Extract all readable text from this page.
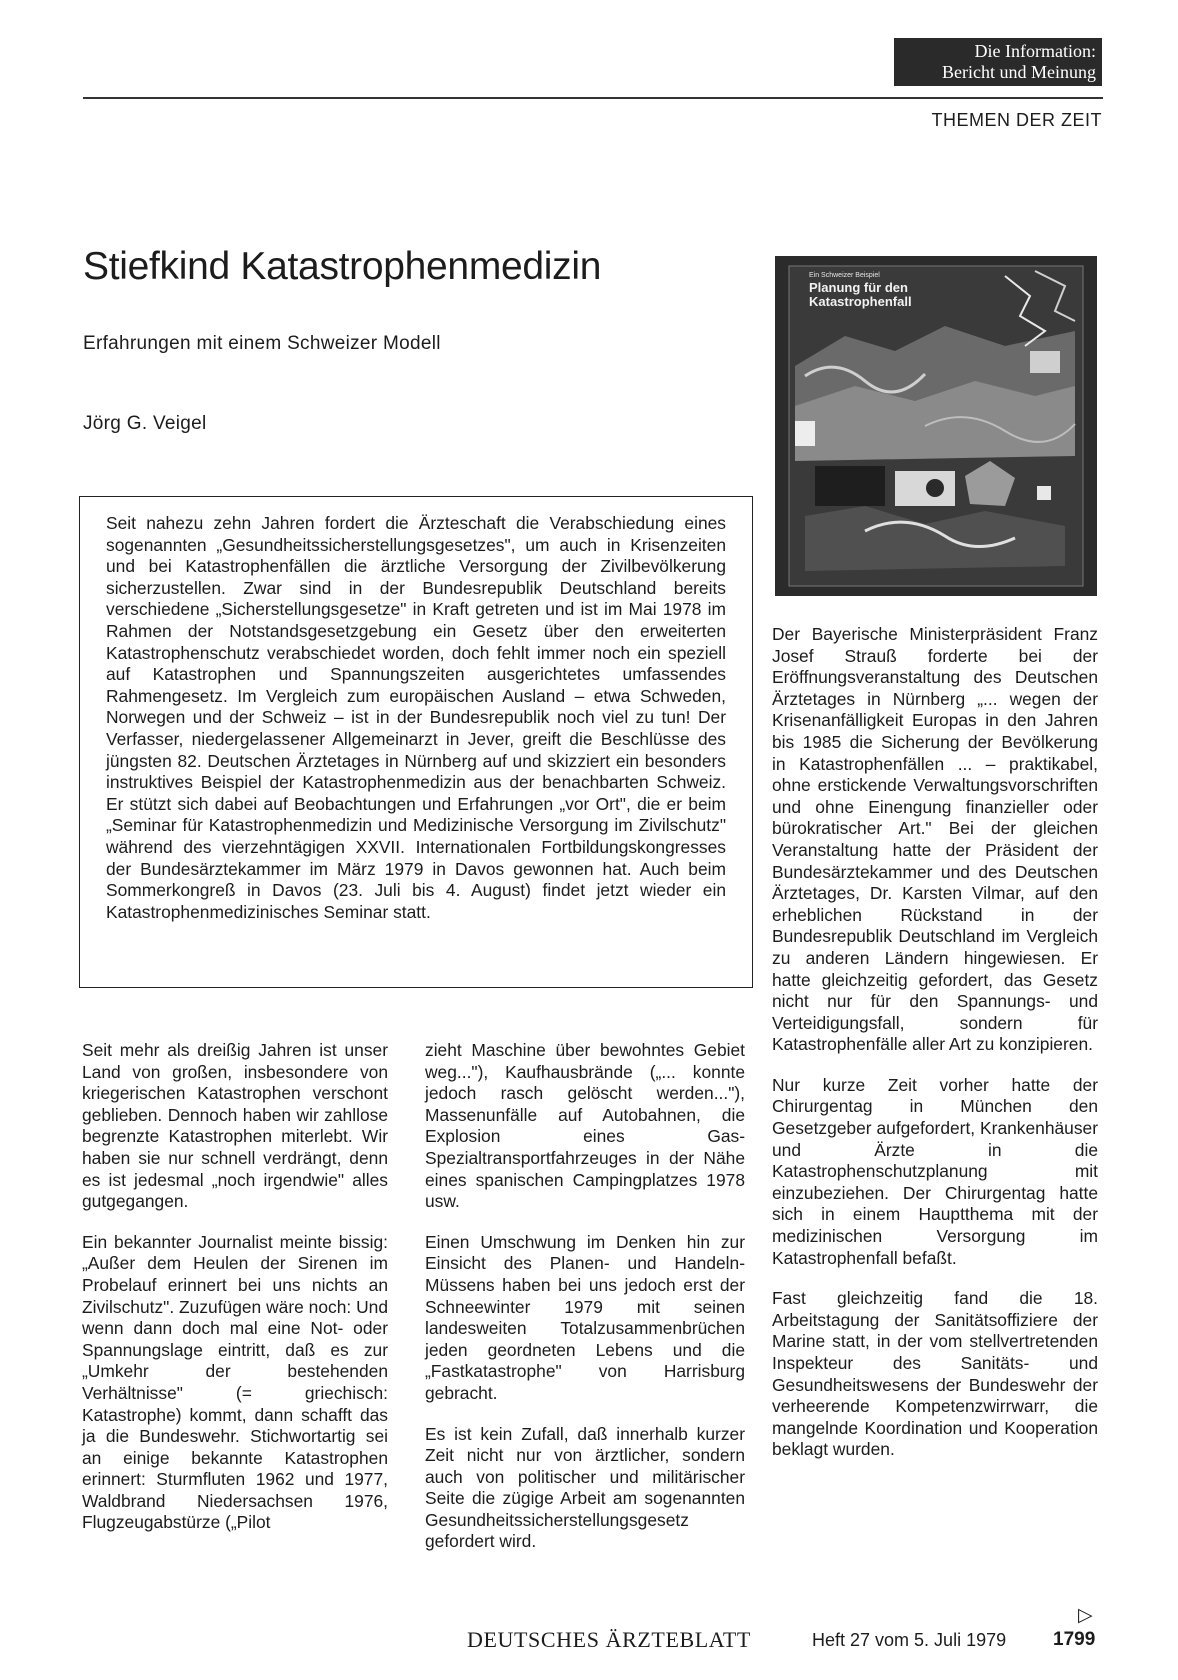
Die Information:
Bericht und Meinung
THEMEN DER ZEIT
Stiefkind Katastrophenmedizin
Erfahrungen mit einem Schweizer Modell
Jörg G. Veigel
Seit nahezu zehn Jahren fordert die Ärzteschaft die Verabschiedung eines sogenannten „Gesundheitssicherstellungsgesetzes", um auch in Krisenzeiten und bei Katastrophenfällen die ärztliche Versorgung der Zivilbevölkerung sicherzustellen. Zwar sind in der Bundesrepublik Deutschland bereits verschiedene „Sicherstellungsgesetze" in Kraft getreten und ist im Mai 1978 im Rahmen der Notstandsgesetzgebung ein Gesetz über den erweiterten Katastrophenschutz verabschiedet worden, doch fehlt immer noch ein speziell auf Katastrophen und Spannungszeiten ausgerichtetes umfassendes Rahmengesetz. Im Vergleich zum europäischen Ausland – etwa Schweden, Norwegen und der Schweiz – ist in der Bundesrepublik noch viel zu tun! Der Verfasser, niedergelassener Allgemeinarzt in Jever, greift die Beschlüsse des jüngsten 82. Deutschen Ärztetages in Nürnberg auf und skizziert ein besonders instruktives Beispiel der Katastrophenmedizin aus der benachbarten Schweiz. Er stützt sich dabei auf Beobachtungen und Erfahrungen „vor Ort", die er beim „Seminar für Katastrophenmedizin und Medizinische Versorgung im Zivilschutz" während des vierzehntägigen XXVII. Internationalen Fortbildungskongresses der Bundesärztekammer im März 1979 in Davos gewonnen hat. Auch beim Sommerkongreß in Davos (23. Juli bis 4. August) findet jetzt wieder ein Katastrophenmedizinisches Seminar statt.
Ein Schweizer Beispiel
Planung für den
Katastrophenfall

Seit mehr als dreißig Jahren ist unser Land von großen, insbesondere von kriegerischen Katastrophen verschont geblieben. Dennoch haben wir zahllose begrenzte Katastrophen miterlebt. Wir haben sie nur schnell verdrängt, denn es ist jedesmal „noch irgendwie" alles gutgegangen.

Ein bekannter Journalist meinte bissig: „Außer dem Heulen der Sirenen im Probelauf erinnert bei uns nichts an Zivilschutz". Zuzufügen wäre noch: Und wenn dann doch mal eine Not- oder Spannungslage eintritt, daß es zur „Umkehr der bestehenden Verhältnisse" (= griechisch: Katastrophe) kommt, dann schafft das ja die Bundeswehr. Stichwortartig sei an einige bekannte Katastrophen erinnert: Sturmfluten 1962 und 1977, Waldbrand Niedersachsen 1976, Flugzeugabstürze („Pilot

zieht Maschine über bewohntes Gebiet weg..."), Kaufhausbrände („... konnte jedoch rasch gelöscht werden..."), Massenunfälle auf Autobahnen, die Explosion eines Gas-Spezialtransportfahrzeuges in der Nähe eines spanischen Campingplatzes 1978 usw.

Einen Umschwung im Denken hin zur Einsicht des Planen- und Handeln-Müssens haben bei uns jedoch erst der Schneewinter 1979 mit seinen landesweiten Totalzusammenbrüchen jeden geordneten Lebens und die „Fastkatastrophe" von Harrisburg gebracht.

Es ist kein Zufall, daß innerhalb kurzer Zeit nicht nur von ärztlicher, sondern auch von politischer und militärischer Seite die zügige Arbeit am sogenannten Gesundheitssicherstellungsgesetz gefordert wird.

Der Bayerische Ministerpräsident Franz Josef Strauß forderte bei der Eröffnungsveranstaltung des Deutschen Ärztetages in Nürnberg „... wegen der Krisenanfälligkeit Europas in den Jahren bis 1985 die Sicherung der Bevölkerung in Katastrophenfällen ... – praktikabel, ohne erstickende Verwaltungsvorschriften und ohne Einengung finanzieller oder bürokratischer Art." Bei der gleichen Veranstaltung hatte der Präsident der Bundesärztekammer und des Deutschen Ärztetages, Dr. Karsten Vilmar, auf den erheblichen Rückstand in der Bundesrepublik Deutschland im Vergleich zu anderen Ländern hingewiesen. Er hatte gleichzeitig gefordert, das Gesetz nicht nur für den Spannungs- und Verteidigungsfall, sondern für Katastrophenfälle aller Art zu konzipieren.

Nur kurze Zeit vorher hatte der Chirurgentag in München den Gesetzgeber aufgefordert, Krankenhäuser und Ärzte in die Katastrophenschutzplanung mit einzubeziehen. Der Chirurgentag hatte sich in einem Hauptthema mit der medizinischen Versorgung im Katastrophenfall befaßt.

Fast gleichzeitig fand die 18. Arbeitstagung der Sanitätsoffiziere der Marine statt, in der vom stellvertretenden Inspekteur des Sanitäts- und Gesundheitswesens der Bundeswehr der verheerende Kompetenzwirrwarr, die mangelnde Koordination und Kooperation beklagt wurden.

▷
DEUTSCHES ÄRZTEBLATT	Heft 27 vom 5. Juli 1979 1799
